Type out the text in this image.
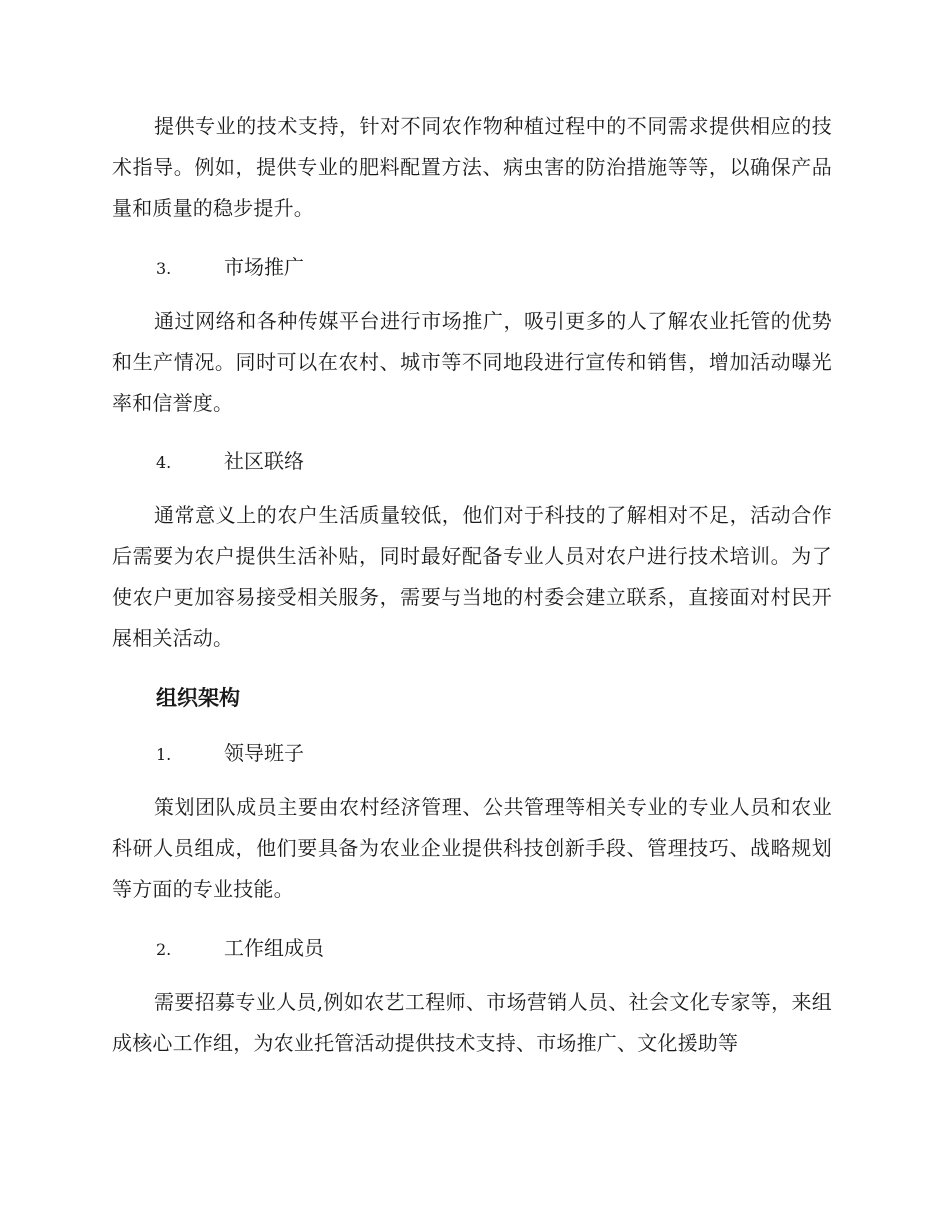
提供专业的技术支持，针对不同农作物种植过程中的不同需求提供相应的技术指导。例如，提供专业的肥料配置方法、病虫害的防治措施等等，以确保产品量和质量的稳步提升。

3.	市场推广

通过网络和各种传媒平台进行市场推广，吸引更多的人了解农业托管的优势和生产情况。同时可以在农村、城市等不同地段进行宣传和销售，增加活动曝光率和信誉度。

4.	社区联络

通常意义上的农户生活质量较低，他们对于科技的了解相对不足，活动合作后需要为农户提供生活补贴，同时最好配备专业人员对农户进行技术培训。为了使农户更加容易接受相关服务，需要与当地的村委会建立联系，直接面对村民开展相关活动。

组织架构
1.	领导班子

策划团队成员主要由农村经济管理、公共管理等相关专业的专业人员和农业科研人员组成，他们要具备为农业企业提供科技创新手段、管理技巧、战略规划等方面的专业技能。

2.	工作组成员

需要招募专业人员,例如农艺工程师、市场营销人员、社会文化专家等，来组成核心工作组，为农业托管活动提供技术支持、市场推广、文化援助等
